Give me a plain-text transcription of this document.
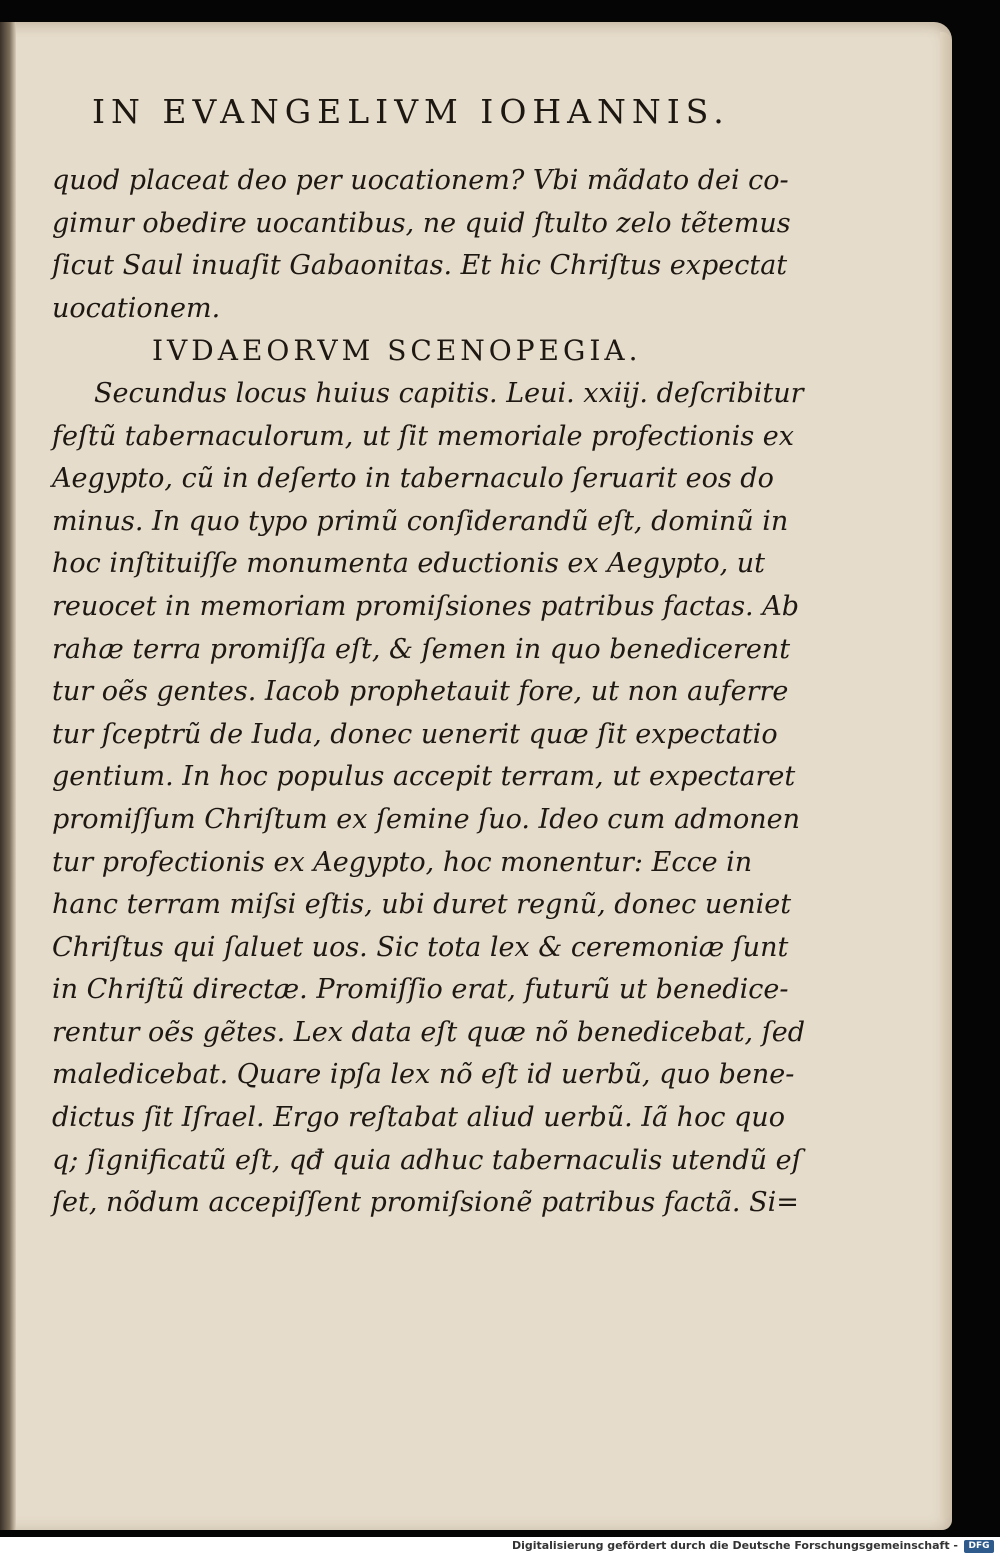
IN EVANGELIVM IOHANNIS.
quod placeat deo per uocationem? Vbi mãdato dei co-
gimur obedire uocantibus, ne quid ſtulto zelo tẽtemus
ſicut Saul inuaſit Gabaonitas. Et hic Chriſtus expectat
uocationem.
IVDAEORVM SCENOPEGIA.
Secundus locus huius capitis. Leui. xxiij. deſcribitur
feſtũ tabernaculorum, ut ſit memoriale profectionis ex
Aegypto, cũ in deſerto in tabernaculo ſeruarit eos do
minus. In quo typo primũ conſiderandũ eſt, dominũ in
hoc inſtituiſſe monumenta eductionis ex Aegypto, ut
reuocet in memoriam promiſsiones patribus factas. Ab
rahæ terra promiſſa eſt, & ſemen in quo benedicerent
tur oẽs gentes. Iacob prophetauit fore, ut non auferre
tur ſceptrũ de Iuda, donec uenerit quæ ſit expectatio
gentium. In hoc populus accepit terram, ut expectaret
promiſſum Chriſtum ex ſemine ſuo. Ideo cum admonen
tur profectionis ex Aegypto, hoc monentur: Ecce in
hanc terram miſsi eſtis, ubi duret regnũ, donec ueniet
Chriſtus qui ſaluet uos. Sic tota lex & ceremoniæ ſunt
in Chriſtũ directæ. Promiſſio erat, futurũ ut benedice-
rentur oẽs gẽtes. Lex data eſt quæ nõ benedicebat, ſed
maledicebat. Quare ipſa lex nõ eſt id uerbũ, quo bene-
dictus ſit Iſrael. Ergo reſtabat aliud uerbũ. Iã hoc quo
q; ſignificatũ eſt, qđ quia adhuc tabernaculis utendũ eſ
ſet, nõdum accepiſſent promiſsionẽ patribus factã. Si=
Digitalisierung gefördert durch die Deutsche Forschungsgemeinschaft -	DFG
